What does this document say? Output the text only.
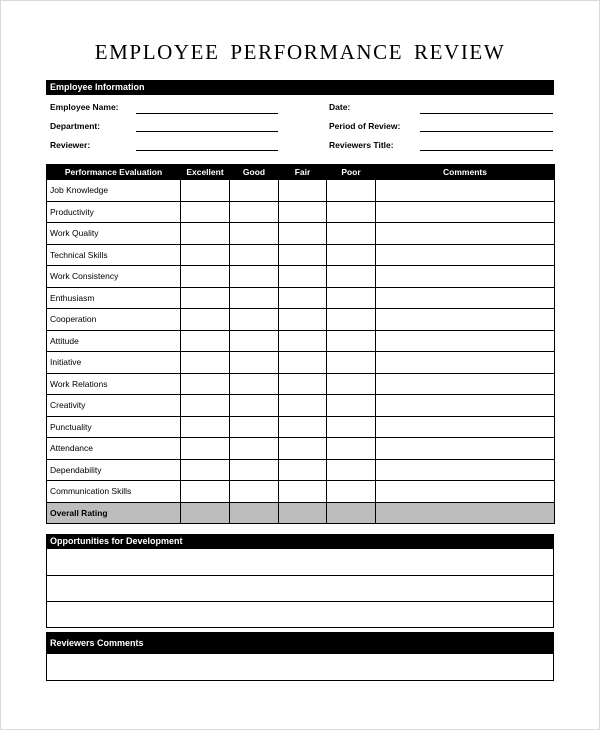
EMPLOYEE PERFORMANCE REVIEW
Employee Information
Employee Name:
Department:
Reviewer:
Date:
Period of Review:
Reviewers Title:
Performance Evaluation	Excellent	Good	Fair	Poor	Comments
Job Knowledge					
Productivity					
Work Quality					
Technical Skills					
Work Consistency					
Enthusiasm					
Cooperation					
Attitude					
Initiative					
Work Relations					
Creativity					
Punctuality					
Attendance					
Dependability					
Communication Skills					
Overall Rating					
Opportunities for Development
Reviewers Comments
